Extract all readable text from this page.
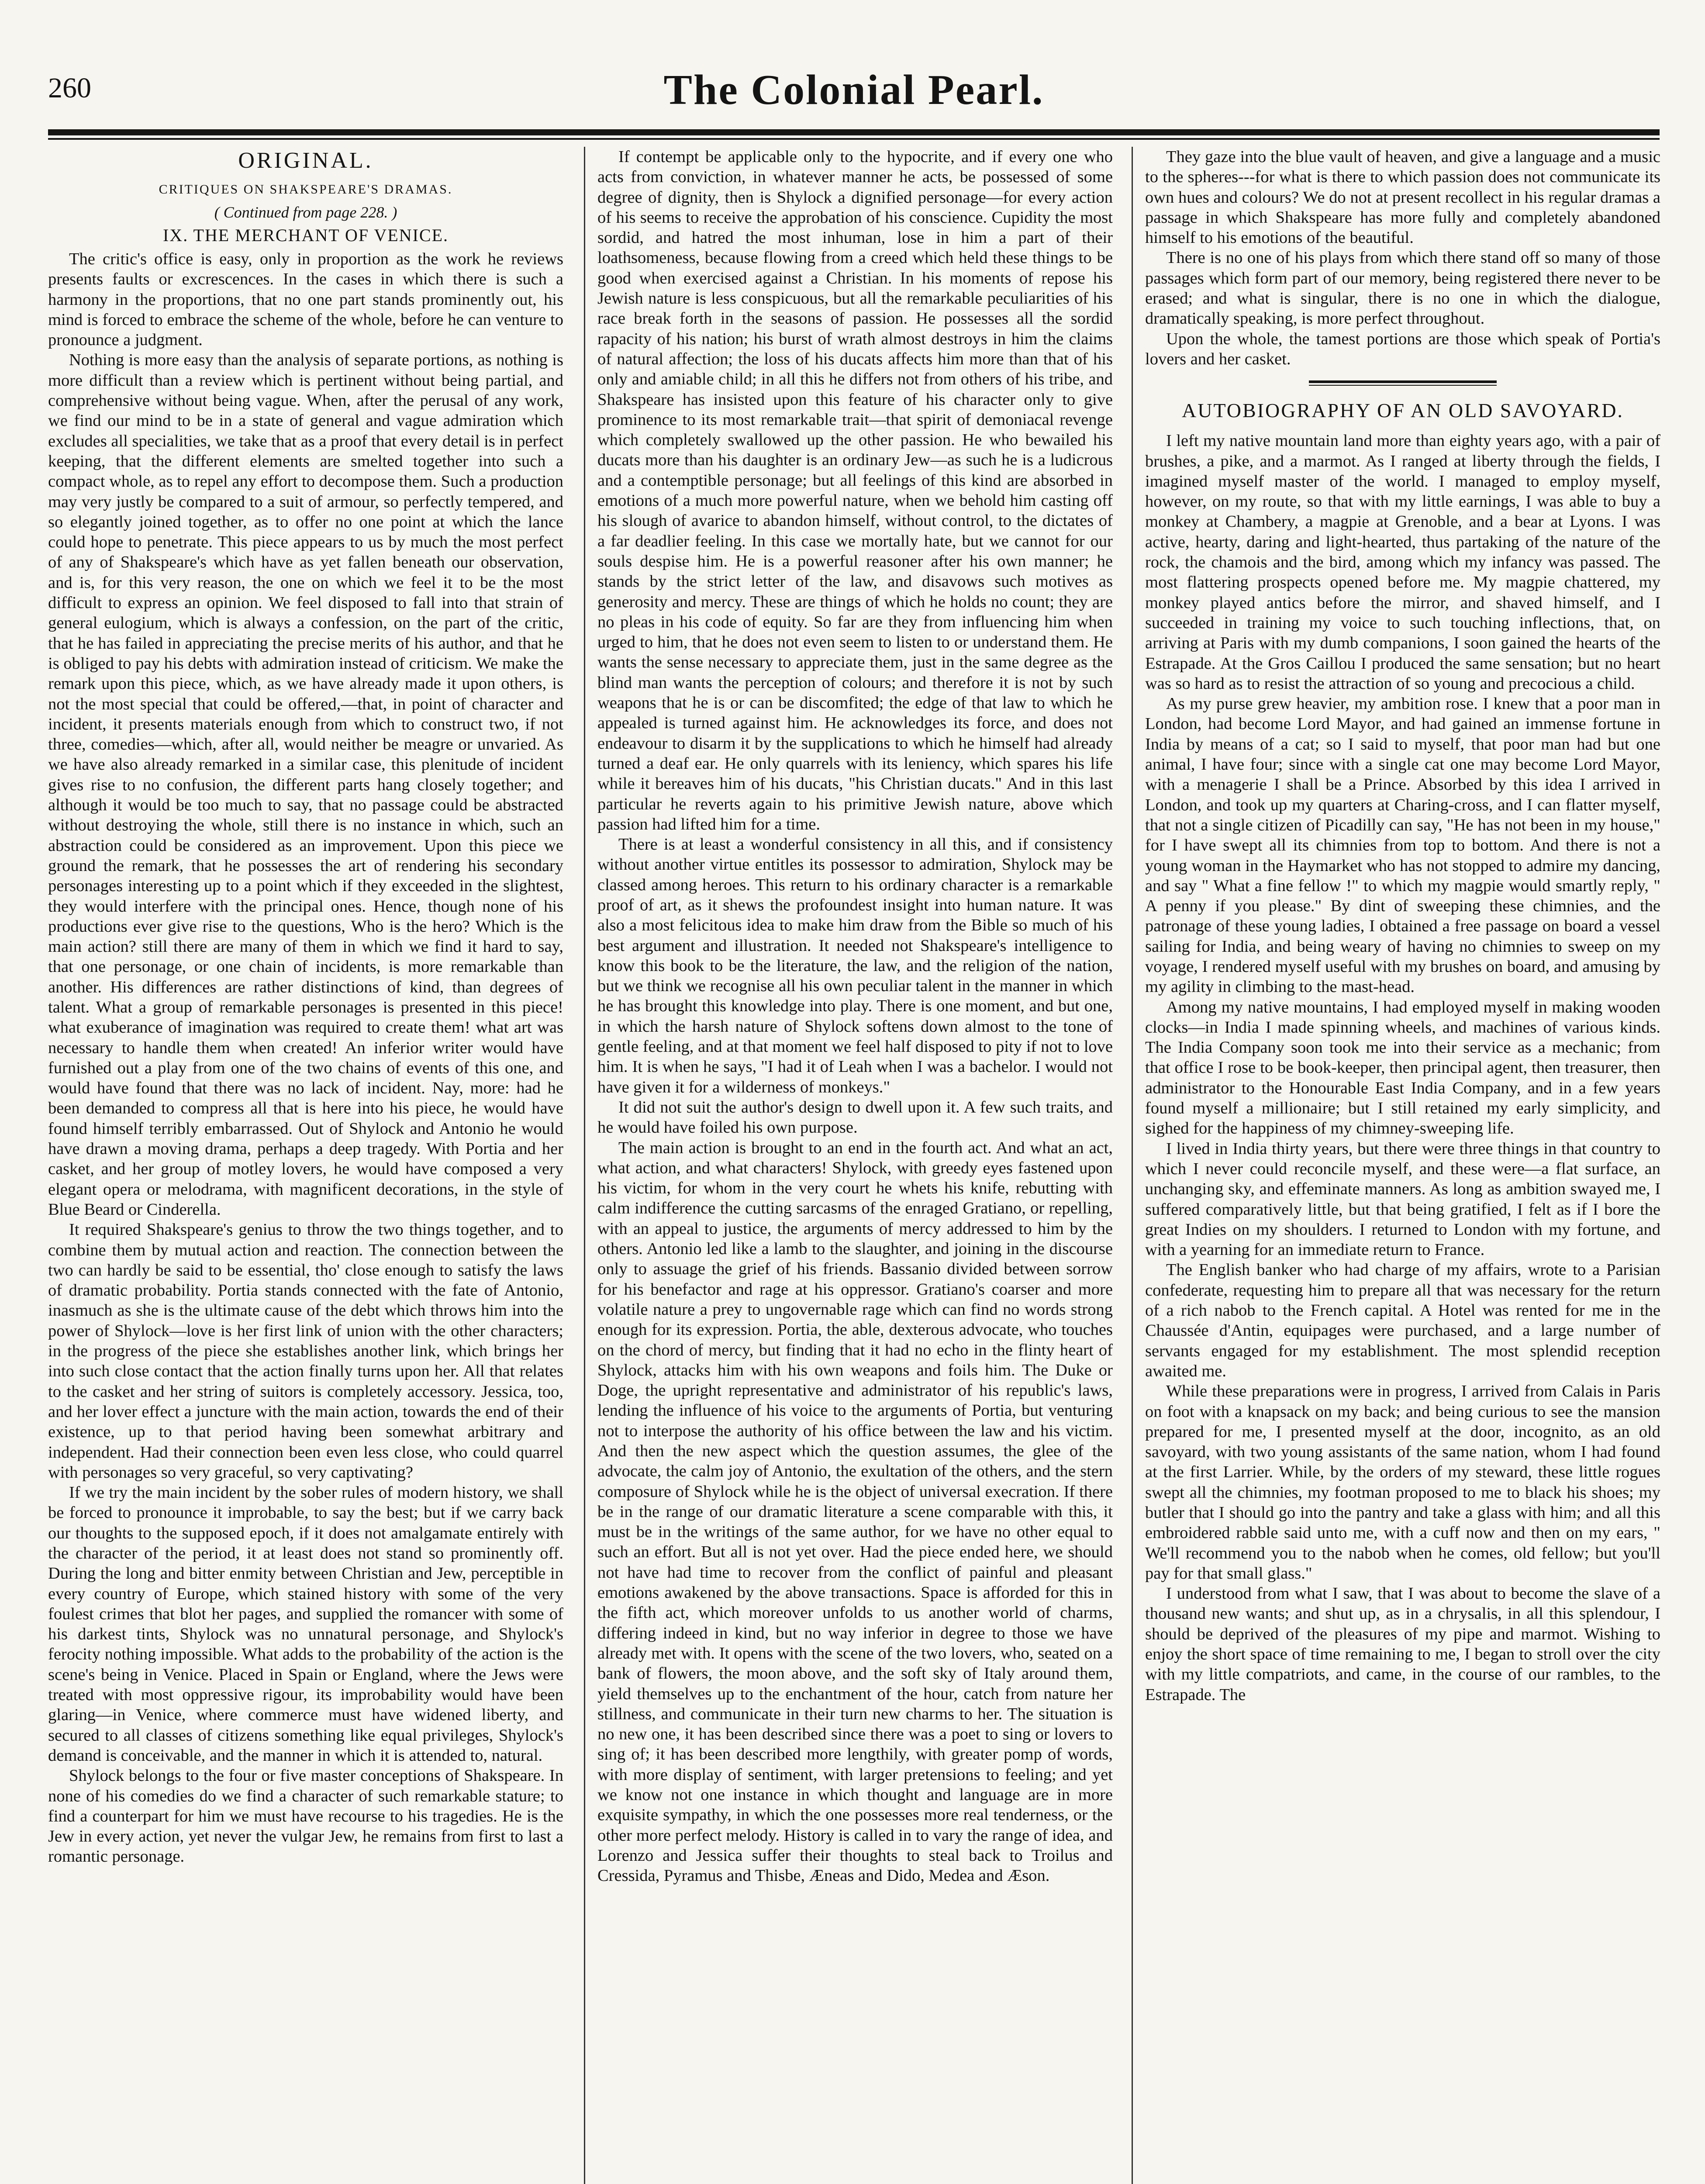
260	The Colonial Pearl.
ORIGINAL.
CRITIQUES ON SHAKSPEARE'S DRAMAS.
( Continued from page 228. )
IX. THE MERCHANT OF VENICE.

The critic's office is easy, only in proportion as the work he reviews presents faults or excrescences. In the cases in which there is such a harmony in the proportions, that no one part stands prominently out, his mind is forced to embrace the scheme of the whole, before he can venture to pronounce a judgment.

Nothing is more easy than the analysis of separate portions, as nothing is more difficult than a review which is pertinent without being partial, and comprehensive without being vague. When, after the perusal of any work, we find our mind to be in a state of general and vague admiration which excludes all specialities, we take that as a proof that every detail is in perfect keeping, that the different elements are smelted together into such a compact whole, as to repel any effort to decompose them. Such a production may very justly be compared to a suit of armour, so perfectly tempered, and so elegantly joined together, as to offer no one point at which the lance could hope to penetrate. This piece appears to us by much the most perfect of any of Shakspeare's which have as yet fallen beneath our observation, and is, for this very reason, the one on which we feel it to be the most difficult to express an opinion. We feel disposed to fall into that strain of general eulogium, which is always a confession, on the part of the critic, that he has failed in appreciating the precise merits of his author, and that he is obliged to pay his debts with admiration instead of criticism. We make the remark upon this piece, which, as we have already made it upon others, is not the most special that could be offered,—that, in point of character and incident, it presents materials enough from which to construct two, if not three, comedies—which, after all, would neither be meagre or unvaried. As we have also already remarked in a similar case, this plenitude of incident gives rise to no confusion, the different parts hang closely together; and although it would be too much to say, that no passage could be abstracted without destroying the whole, still there is no instance in which, such an abstraction could be considered as an improvement. Upon this piece we ground the remark, that he possesses the art of rendering his secondary personages interesting up to a point which if they exceeded in the slightest, they would interfere with the principal ones. Hence, though none of his productions ever give rise to the questions, Who is the hero? Which is the main action? still there are many of them in which we find it hard to say, that one personage, or one chain of incidents, is more remarkable than another. His differences are rather distinctions of kind, than degrees of talent. What a group of remarkable personages is presented in this piece! what exuberance of imagination was required to create them! what art was necessary to handle them when created! An inferior writer would have furnished out a play from one of the two chains of events of this one, and would have found that there was no lack of incident. Nay, more: had he been demanded to compress all that is here into his piece, he would have found himself terribly embarrassed. Out of Shylock and Antonio he would have drawn a moving drama, perhaps a deep tragedy. With Portia and her casket, and her group of motley lovers, he would have composed a very elegant opera or melodrama, with magnificent decorations, in the style of Blue Beard or Cinderella.

It required Shakspeare's genius to throw the two things together, and to combine them by mutual action and reaction. The connection between the two can hardly be said to be essential, tho' close enough to satisfy the laws of dramatic probability. Portia stands connected with the fate of Antonio, inasmuch as she is the ultimate cause of the debt which throws him into the power of Shylock—love is her first link of union with the other characters; in the progress of the piece she establishes another link, which brings her into such close contact that the action finally turns upon her. All that relates to the casket and her string of suitors is completely accessory. Jessica, too, and her lover effect a juncture with the main action, towards the end of their existence, up to that period having been somewhat arbitrary and independent. Had their connection been even less close, who could quarrel with personages so very graceful, so very captivating?

If we try the main incident by the sober rules of modern history, we shall be forced to pronounce it improbable, to say the best; but if we carry back our thoughts to the supposed epoch, if it does not amalgamate entirely with the character of the period, it at least does not stand so prominently off. During the long and bitter enmity between Christian and Jew, perceptible in every country of Europe, which stained history with some of the very foulest crimes that blot her pages, and supplied the romancer with some of his darkest tints, Shylock was no unnatural personage, and Shylock's ferocity nothing impossible. What adds to the probability of the action is the scene's being in Venice. Placed in Spain or England, where the Jews were treated with most oppressive rigour, its improbability would have been glaring—in Venice, where commerce must have widened liberty, and secured to all classes of citizens something like equal privileges, Shylock's demand is conceivable, and the manner in which it is attended to, natural.

Shylock belongs to the four or five master conceptions of Shakspeare. In none of his comedies do we find a character of such remarkable stature; to find a counterpart for him we must have recourse to his tragedies. He is the Jew in every action, yet never the vulgar Jew, he remains from first to last a romantic personage.

If contempt be applicable only to the hypocrite, and if every one who acts from conviction, in whatever manner he acts, be possessed of some degree of dignity, then is Shylock a dignified personage—for every action of his seems to receive the approbation of his conscience. Cupidity the most sordid, and hatred the most inhuman, lose in him a part of their loathsomeness, because flowing from a creed which held these things to be good when exercised against a Christian. In his moments of repose his Jewish nature is less conspicuous, but all the remarkable peculiarities of his race break forth in the seasons of passion. He possesses all the sordid rapacity of his nation; his burst of wrath almost destroys in him the claims of natural affection; the loss of his ducats affects him more than that of his only and amiable child; in all this he differs not from others of his tribe, and Shakspeare has insisted upon this feature of his character only to give prominence to its most remarkable trait—that spirit of demoniacal revenge which completely swallowed up the other passion. He who bewailed his ducats more than his daughter is an ordinary Jew—as such he is a ludicrous and a contemptible personage; but all feelings of this kind are absorbed in emotions of a much more powerful nature, when we behold him casting off his slough of avarice to abandon himself, without control, to the dictates of a far deadlier feeling. In this case we mortally hate, but we cannot for our souls despise him. He is a powerful reasoner after his own manner; he stands by the strict letter of the law, and disavows such motives as generosity and mercy. These are things of which he holds no count; they are no pleas in his code of equity. So far are they from influencing him when urged to him, that he does not even seem to listen to or understand them. He wants the sense necessary to appreciate them, just in the same degree as the blind man wants the perception of colours; and therefore it is not by such weapons that he is or can be discomfited; the edge of that law to which he appealed is turned against him. He acknowledges its force, and does not endeavour to disarm it by the supplications to which he himself had already turned a deaf ear. He only quarrels with its leniency, which spares his life while it bereaves him of his ducats, "his Christian ducats." And in this last particular he reverts again to his primitive Jewish nature, above which passion had lifted him for a time.

There is at least a wonderful consistency in all this, and if consistency without another virtue entitles its possessor to admiration, Shylock may be classed among heroes. This return to his ordinary character is a remarkable proof of art, as it shews the profoundest insight into human nature. It was also a most felicitous idea to make him draw from the Bible so much of his best argument and illustration. It needed not Shakspeare's intelligence to know this book to be the literature, the law, and the religion of the nation, but we think we recognise all his own peculiar talent in the manner in which he has brought this knowledge into play. There is one moment, and but one, in which the harsh nature of Shylock softens down almost to the tone of gentle feeling, and at that moment we feel half disposed to pity if not to love him. It is when he says, "I had it of Leah when I was a bachelor. I would not have given it for a wilderness of monkeys."

It did not suit the author's design to dwell upon it. A few such traits, and he would have foiled his own purpose.

The main action is brought to an end in the fourth act. And what an act, what action, and what characters! Shylock, with greedy eyes fastened upon his victim, for whom in the very court he whets his knife, rebutting with calm indifference the cutting sarcasms of the enraged Gratiano, or repelling, with an appeal to justice, the arguments of mercy addressed to him by the others. Antonio led like a lamb to the slaughter, and joining in the discourse only to assuage the grief of his friends. Bassanio divided between sorrow for his benefactor and rage at his oppressor. Gratiano's coarser and more volatile nature a prey to ungovernable rage which can find no words strong enough for its expression. Portia, the able, dexterous advocate, who touches on the chord of mercy, but finding that it had no echo in the flinty heart of Shylock, attacks him with his own weapons and foils him. The Duke or Doge, the upright representative and administrator of his republic's laws, lending the influence of his voice to the arguments of Portia, but venturing not to interpose the authority of his office between the law and his victim. And then the new aspect which the question assumes, the glee of the advocate, the calm joy of Antonio, the exultation of the others, and the stern composure of Shylock while he is the object of universal execration. If there be in the range of our dramatic literature a scene comparable with this, it must be in the writings of the same author, for we have no other equal to such an effort. But all is not yet over. Had the piece ended here, we should not have had time to recover from the conflict of painful and pleasant emotions awakened by the above transactions. Space is afforded for this in the fifth act, which moreover unfolds to us another world of charms, differing indeed in kind, but no way inferior in degree to those we have already met with. It opens with the scene of the two lovers, who, seated on a bank of flowers, the moon above, and the soft sky of Italy around them, yield themselves up to the enchantment of the hour, catch from nature her stillness, and communicate in their turn new charms to her. The situation is no new one, it has been described since there was a poet to sing or lovers to sing of; it has been described more lengthily, with greater pomp of words, with more display of sentiment, with larger pretensions to feeling; and yet we know not one instance in which thought and language are in more exquisite sympathy, in which the one possesses more real tenderness, or the other more perfect melody. History is called in to vary the range of idea, and Lorenzo and Jessica suffer their thoughts to steal back to Troilus and Cressida, Pyramus and Thisbe, Æneas and Dido, Medea and Æson.

They gaze into the blue vault of heaven, and give a language and a music to the spheres---for what is there to which passion does not communicate its own hues and colours? We do not at present recollect in his regular dramas a passage in which Shakspeare has more fully and completely abandoned himself to his emotions of the beautiful.

There is no one of his plays from which there stand off so many of those passages which form part of our memory, being registered there never to be erased; and what is singular, there is no one in which the dialogue, dramatically speaking, is more perfect throughout.

Upon the whole, the tamest portions are those which speak of Portia's lovers and her casket.

AUTOBIOGRAPHY OF AN OLD SAVOYARD.

I left my native mountain land more than eighty years ago, with a pair of brushes, a pike, and a marmot. As I ranged at liberty through the fields, I imagined myself master of the world. I managed to employ myself, however, on my route, so that with my little earnings, I was able to buy a monkey at Chambery, a magpie at Grenoble, and a bear at Lyons. I was active, hearty, daring and light-hearted, thus partaking of the nature of the rock, the chamois and the bird, among which my infancy was passed. The most flattering prospects opened before me. My magpie chattered, my monkey played antics before the mirror, and shaved himself, and I succeeded in training my voice to such touching inflections, that, on arriving at Paris with my dumb companions, I soon gained the hearts of the Estrapade. At the Gros Caillou I produced the same sensation; but no heart was so hard as to resist the attraction of so young and precocious a child.

As my purse grew heavier, my ambition rose. I knew that a poor man in London, had become Lord Mayor, and had gained an immense fortune in India by means of a cat; so I said to myself, that poor man had but one animal, I have four; since with a single cat one may become Lord Mayor, with a menagerie I shall be a Prince. Absorbed by this idea I arrived in London, and took up my quarters at Charing-cross, and I can flatter myself, that not a single citizen of Picadilly can say, "He has not been in my house," for I have swept all its chimnies from top to bottom. And there is not a young woman in the Haymarket who has not stopped to admire my dancing, and say " What a fine fellow !" to which my magpie would smartly reply, " A penny if you please." By dint of sweeping these chimnies, and the patronage of these young ladies, I obtained a free passage on board a vessel sailing for India, and being weary of having no chimnies to sweep on my voyage, I rendered myself useful with my brushes on board, and amusing by my agility in climbing to the mast-head.

Among my native mountains, I had employed myself in making wooden clocks—in India I made spinning wheels, and machines of various kinds. The India Company soon took me into their service as a mechanic; from that office I rose to be book-keeper, then principal agent, then treasurer, then administrator to the Honourable East India Company, and in a few years found myself a millionaire; but I still retained my early simplicity, and sighed for the happiness of my chimney-sweeping life.

I lived in India thirty years, but there were three things in that country to which I never could reconcile myself, and these were—a flat surface, an unchanging sky, and effeminate manners. As long as ambition swayed me, I suffered comparatively little, but that being gratified, I felt as if I bore the great Indies on my shoulders. I returned to London with my fortune, and with a yearning for an immediate return to France.

The English banker who had charge of my affairs, wrote to a Parisian confederate, requesting him to prepare all that was necessary for the return of a rich nabob to the French capital. A Hotel was rented for me in the Chaussée d'Antin, equipages were purchased, and a large number of servants engaged for my establishment. The most splendid reception awaited me.

While these preparations were in progress, I arrived from Calais in Paris on foot with a knapsack on my back; and being curious to see the mansion prepared for me, I presented myself at the door, incognito, as an old savoyard, with two young assistants of the same nation, whom I had found at the first Larrier. While, by the orders of my steward, these little rogues swept all the chimnies, my footman proposed to me to black his shoes; my butler that I should go into the pantry and take a glass with him; and all this embroidered rabble said unto me, with a cuff now and then on my ears, " We'll recommend you to the nabob when he comes, old fellow; but you'll pay for that small glass."

I understood from what I saw, that I was about to become the slave of a thousand new wants; and shut up, as in a chrysalis, in all this splendour, I should be deprived of the pleasures of my pipe and marmot. Wishing to enjoy the short space of time remaining to me, I began to stroll over the city with my little compatriots, and came, in the course of our rambles, to the Estrapade. The
